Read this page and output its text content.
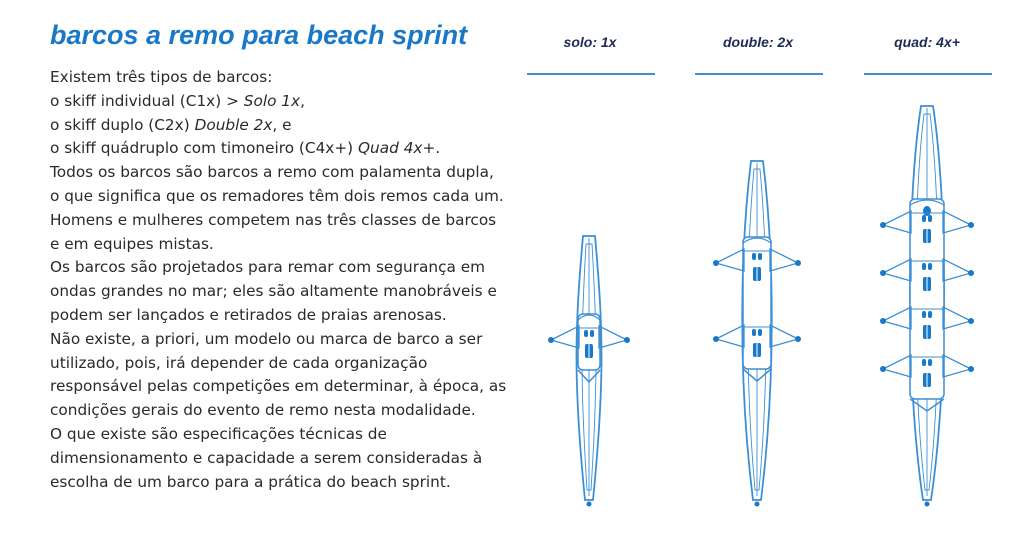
barcos a remo para beach sprint
Existem três tipos de barcos:
o skiff individual (C1x) > Solo 1x,
o skiff duplo (C2x) Double 2x, e
o skiff quádruplo com timoneiro (C4x+) Quad 4x+.
Todos os barcos são barcos a remo com palamenta dupla,
o que significa que os remadores têm dois remos cada um.
Homens e mulheres competem nas três classes de barcos
e em equipes mistas.
Os barcos são projetados para remar com segurança em
ondas grandes no mar; eles são altamente manobráveis e
podem ser lançados e retirados de praias arenosas.
Não existe, a priori, um modelo ou marca de barco a ser
utilizado, pois, irá depender de cada organização
responsável pelas competições em determinar, à época, as
condições gerais do evento de remo nesta modalidade.
O que existe são especificações técnicas de
dimensionamento e capacidade a serem consideradas à
escolha de um barco para a prática do beach sprint.
solo: 1x	double: 2x	quad: 4x+
